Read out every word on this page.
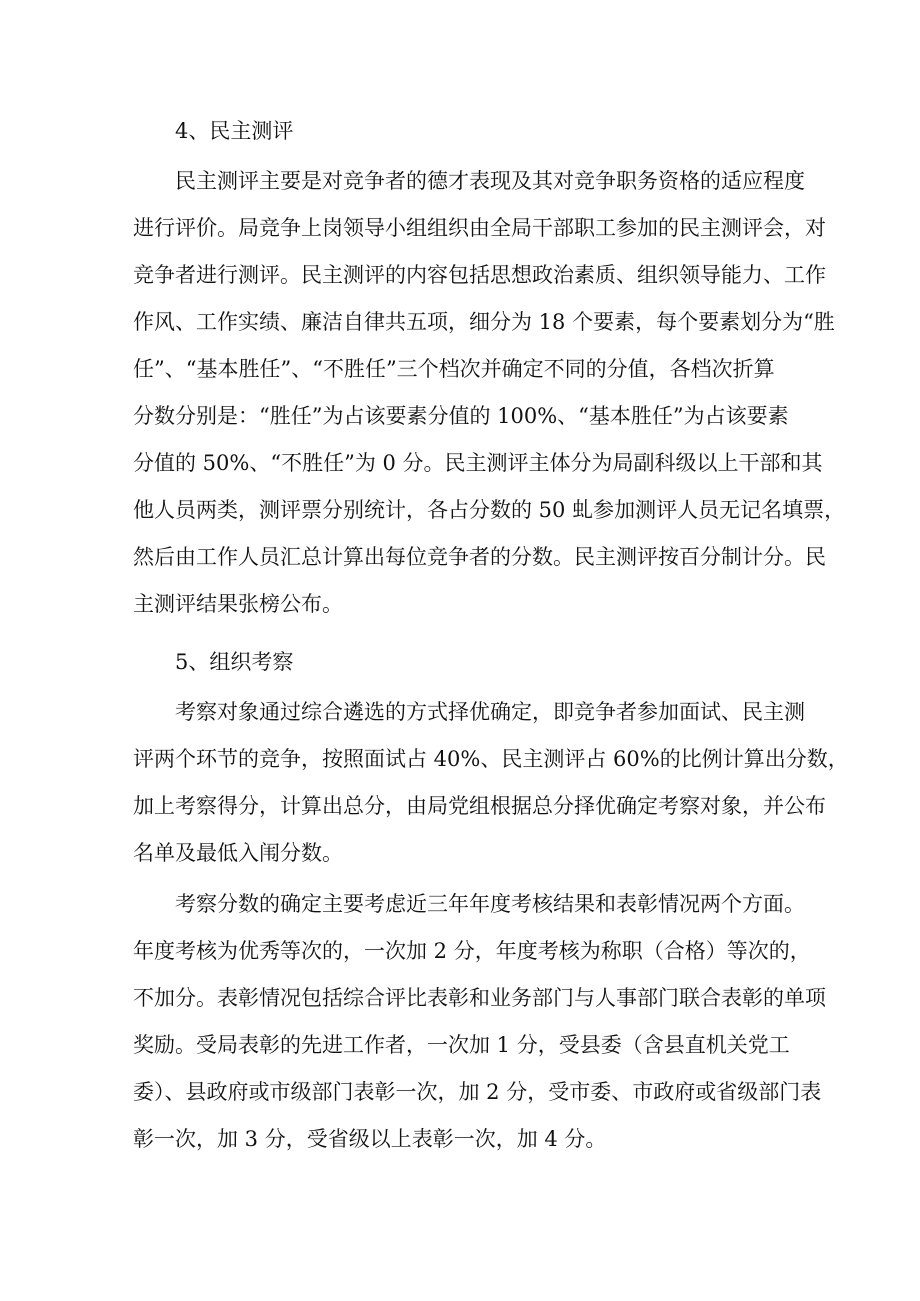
4、民主测评
民主测评主要是对竞争者的德才表现及其对竞争职务资格的适应程度
进行评价。局竞争上岗领导小组组织由全局干部职工参加的民主测评会，对
竞争者进行测评。民主测评的内容包括思想政治素质、组织领导能力、工作
作风、工作实绩、廉洁自律共五项，细分为 18 个要素，每个要素划分为“胜
任”、“基本胜任”、“不胜任”三个档次并确定不同的分值，各档次折算
分数分别是：“胜任”为占该要素分值的 100%、“基本胜任”为占该要素
分值的 50%、“不胜任”为 0 分。民主测评主体分为局副科级以上干部和其
他人员两类，测评票分别统计，各占分数的 50 虬参加测评人员无记名填票，
然后由工作人员汇总计算出每位竞争者的分数。民主测评按百分制计分。民
主测评结果张榜公布。
5、组织考察
考察对象通过综合遴选的方式择优确定，即竞争者参加面试、民主测
评两个环节的竞争，按照面试占 40%、民主测评占 60%的比例计算出分数，
加上考察得分，计算出总分，由局党组根据总分择优确定考察对象，并公布
名单及最低入闱分数。
考察分数的确定主要考虑近三年年度考核结果和表彰情况两个方面。
年度考核为优秀等次的，一次加 2 分，年度考核为称职（合格）等次的，
不加分。表彰情况包括综合评比表彰和业务部门与人事部门联合表彰的单项
奖励。受局表彰的先进工作者，一次加 1 分，受县委（含县直机关党工
委）、县政府或市级部门表彰一次，加 2 分，受市委、市政府或省级部门表
彰一次，加 3 分，受省级以上表彰一次，加 4 分。
